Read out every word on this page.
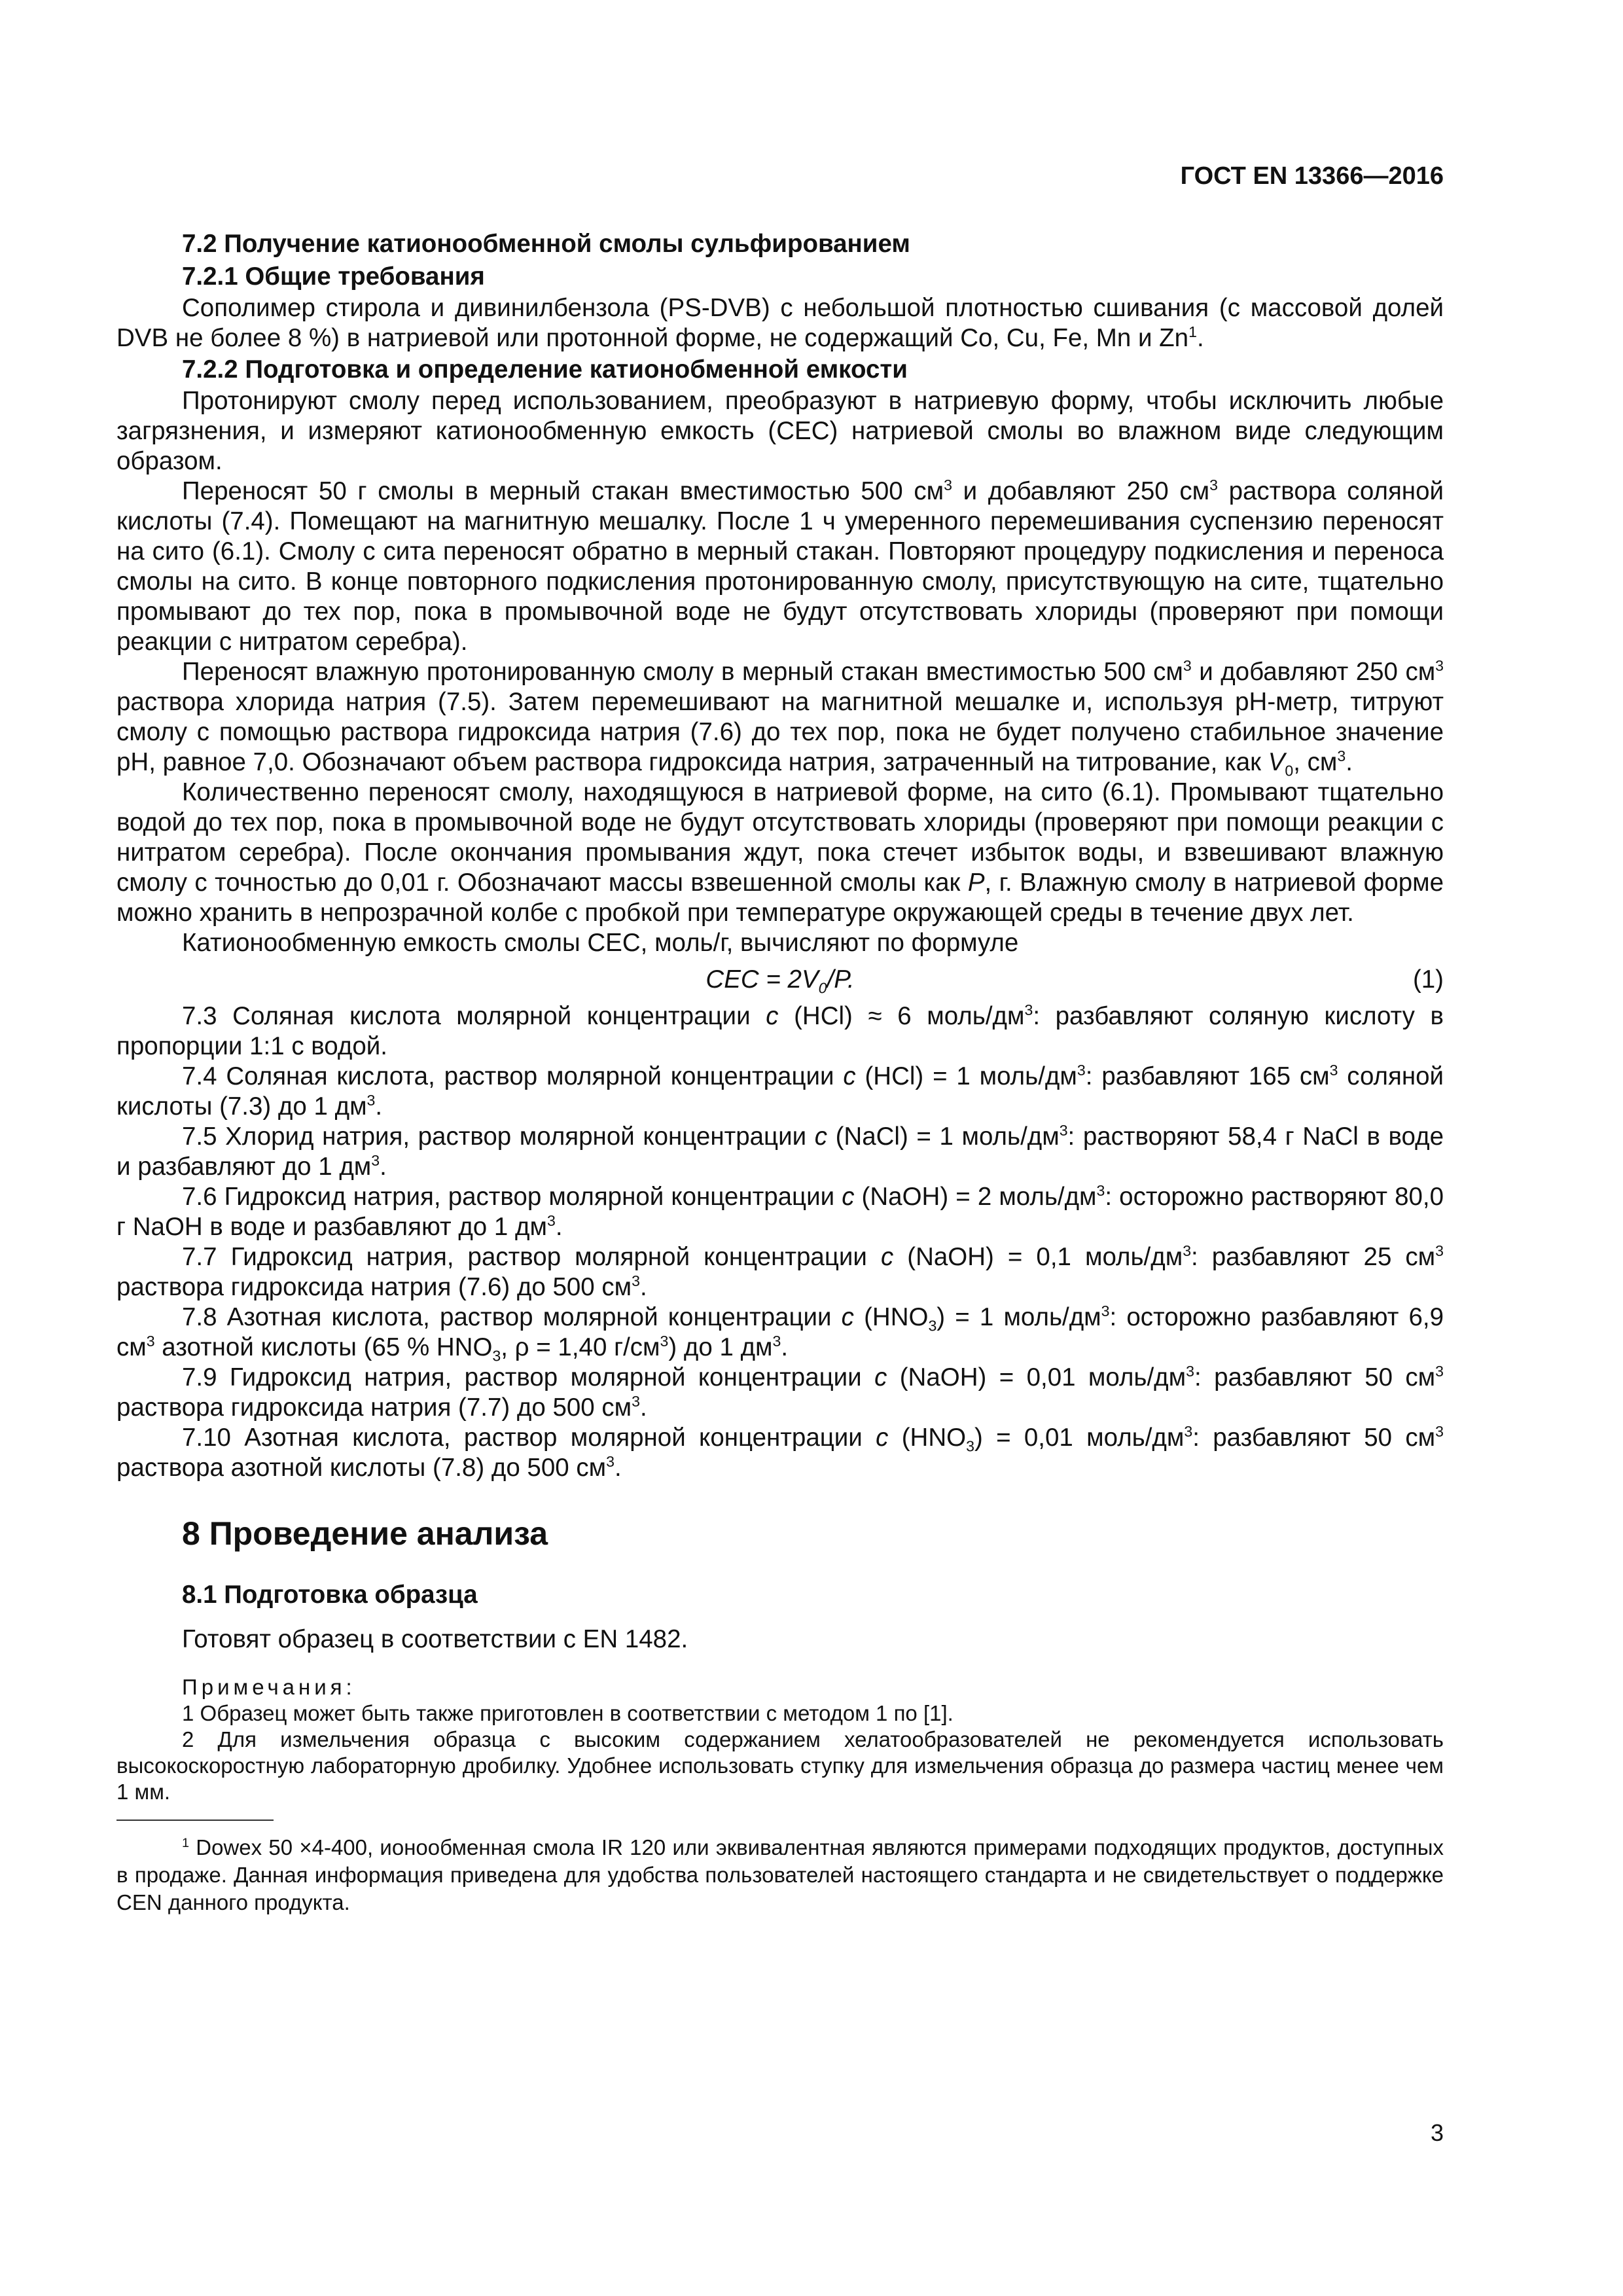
ГОСТ EN 13366—2016

7.2 Получение катионообменной смолы сульфированием

7.2.1 Общие требования

Сополимер стирола и дивинилбензола (PS-DVB) с небольшой плотностью сшивания (с массовой долей DVB не более 8 %) в натриевой или протонной форме, не содержащий Co, Cu, Fe, Mn и Zn$^1$.

7.2.2 Подготовка и определение катионобменной емкости

Протонируют смолу перед использованием, преобразуют в натриевую форму, чтобы исключить любые загрязнения, и измеряют катионообменную емкость (CEC) натриевой смолы во влажном виде следующим образом.

Переносят 50 г смолы в мерный стакан вместимостью 500 $см^3$ и добавляют 250 $см^3$ раствора соляной кислоты (7.4). Помещают на магнитную мешалку. После 1 ч умеренного перемешивания суспензию переносят на сито (6.1). Смолу с сита переносят обратно в мерный стакан. Повторяют процедуру подкисления и переноса смолы на сито. В конце повторного подкисления протонированную смолу, присутствующую на сите, тщательно промывают до тех пор, пока в промывочной воде не будут отсутствовать хлориды (проверяют при помощи реакции с нитратом серебра).

Переносят влажную протонированную смолу в мерный стакан вместимостью 500 $см^3$ и добавляют 250 $см^3$ раствора хлорида натрия (7.5). Затем перемешивают на магнитной мешалке и, используя pH-метр, титруют смолу с помощью раствора гидроксида натрия (7.6) до тех пор, пока не будет получено стабильное значение pH, равное 7,0. Обозначают объем раствора гидроксида натрия, затраченный на титрование, как $V_0$, $см^3$.

Количественно переносят смолу, находящуюся в натриевой форме, на сито (6.1). Промывают тщательно водой до тех пор, пока в промывочной воде не будут отсутствовать хлориды (проверяют при помощи реакции с нитратом серебра). После окончания промывания ждут, пока стечет избыток воды, и взвешивают влажную смолу с точностью до 0,01 г. Обозначают массы взвешенной смолы как P, г. Влажную смолу в натриевой форме можно хранить в непрозрачной колбе с пробкой при температуре окружающей среды в течение двух лет.

Катионообменную емкость смолы CEC, моль/г, вычисляют по формуле

CEC = $2V_0/P$.	(1)

7.3 Соляная кислота молярной концентрации c (HCl) ≈ 6 моль/$дм^3$: разбавляют соляную кислоту в пропорции 1:1 с водой.

7.4 Соляная кислота, раствор молярной концентрации c (HCl) = 1 моль/$дм^3$: разбавляют 165 $см^3$ соляной кислоты (7.3) до 1 $дм^3$.

7.5 Хлорид натрия, раствор молярной концентрации c (NaCl) = 1 моль/$дм^3$: растворяют 58,4 г NaCl в воде и разбавляют до 1 $дм^3$.

7.6 Гидроксид натрия, раствор молярной концентрации c (NaOH) = 2 моль/$дм^3$: осторожно растворяют 80,0 г NaOH в воде и разбавляют до 1 $дм^3$.

7.7 Гидроксид натрия, раствор молярной концентрации c (NaOH) = 0,1 моль/$дм^3$: разбавляют 25 $см^3$ раствора гидроксида натрия (7.6) до 500 $см^3$.

7.8 Азотная кислота, раствор молярной концентрации c $(HNO_3) = 1$ моль/$дм^3$: осторожно разбавляют 6,9 $см^3$ азотной кислоты (65 % $HNO_3$, ρ = 1,40 $г/см^3$) до 1 $дм^3$.

7.9 Гидроксид натрия, раствор молярной концентрации c (NaOH) = 0,01 моль/$дм^3$: разбавляют 50 $см^3$ раствора гидроксида натрия (7.7) до 500 $см^3$.

7.10 Азотная кислота, раствор молярной концентрации c $(HNO_3) = 0,01$ моль/$дм^3$: разбавляют 50 $см^3$ раствора азотной кислоты (7.8) до 500 $см^3$.

8 Проведение анализа
8.1 Подготовка образца

Готовят образец в соответствии с EN 1482.

Примечания:

1 Образец может быть также приготовлен в соответствии с методом 1 по [1].

2 Для измельчения образца с высоким содержанием хелатообразователей не рекомендуется использовать высокоскоростную лабораторную дробилку. Удобнее использовать ступку для измельчения образца до размера частиц менее чем 1 мм.

$^1$ Dowex 50 ×4-400, ионообменная смола IR 120 или эквивалентная являются примерами подходящих продуктов, доступных в продаже. Данная информация приведена для удобства пользователей настоящего стандарта и не свидетельствует о поддержке CEN данного продукта.

3
